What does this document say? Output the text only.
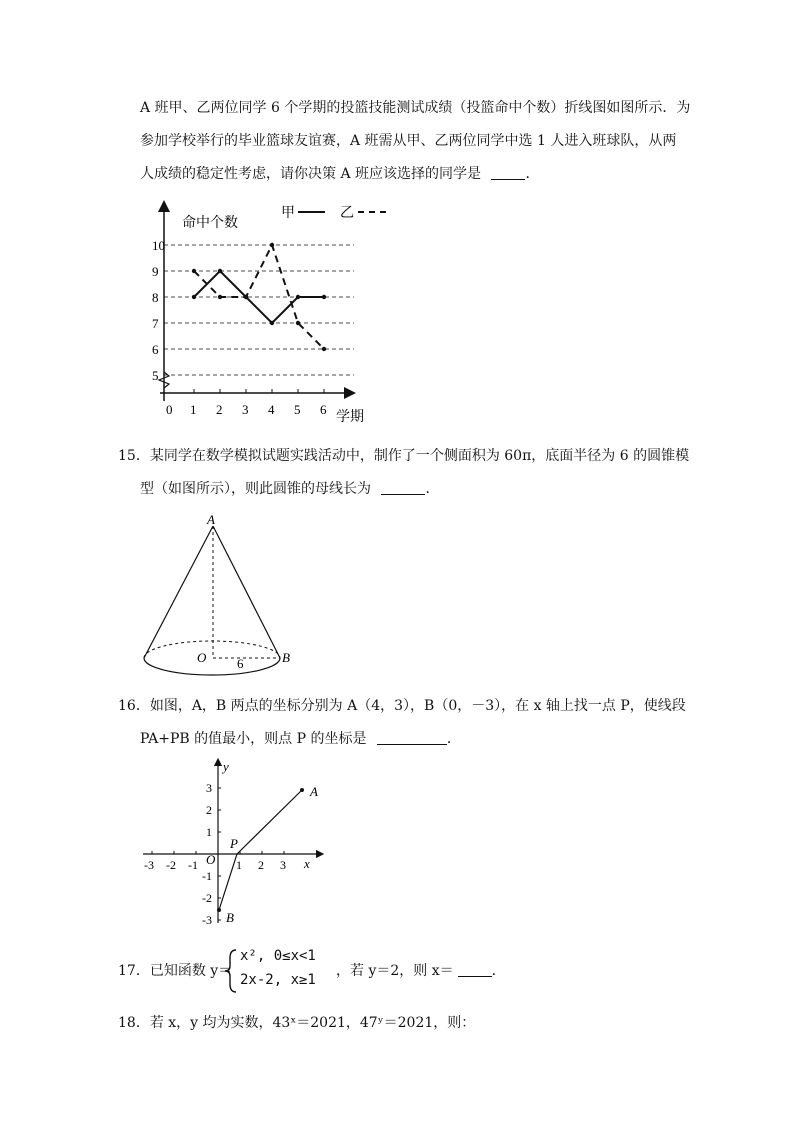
A 班甲、乙两位同学 6 个学期的投篮技能测试成绩（投篮命中个数）折线图如图所示．为
参加学校举行的毕业篮球友谊赛，A 班需从甲、乙两位同学中选 1 人进入班球队，从两
人成绩的稳定性考虑，请你决策 A 班应该选择的同学是	．
命中个数
学期
5
6
7
8
9
10
0 1 2 3 4 5 6
甲	乙
15．某同学在数学模拟试题实践活动中，制作了一个侧面积为 60π，底面半径为 6 的圆锥模
型（如图所示），则此圆锥的母线长为	．
A
O	B
6
16．如图，A，B 两点的坐标分别为 A（4，3），B（0，－3），在 x 轴上找一点 P，使线段
PA+PB 的值最小，则点 P 的坐标是	．
-3 -2 -1	1 2 3
3
2
1
-1
-2
-3
O	x
y
A
B
P
17．已知函数 y＝
x², 0≤x<1
2x-2, x≥1
，若 y＝2，则 x＝	．
18．若 x，y 均为实数，43ˣ＝2021，47ʸ＝2021，则：
